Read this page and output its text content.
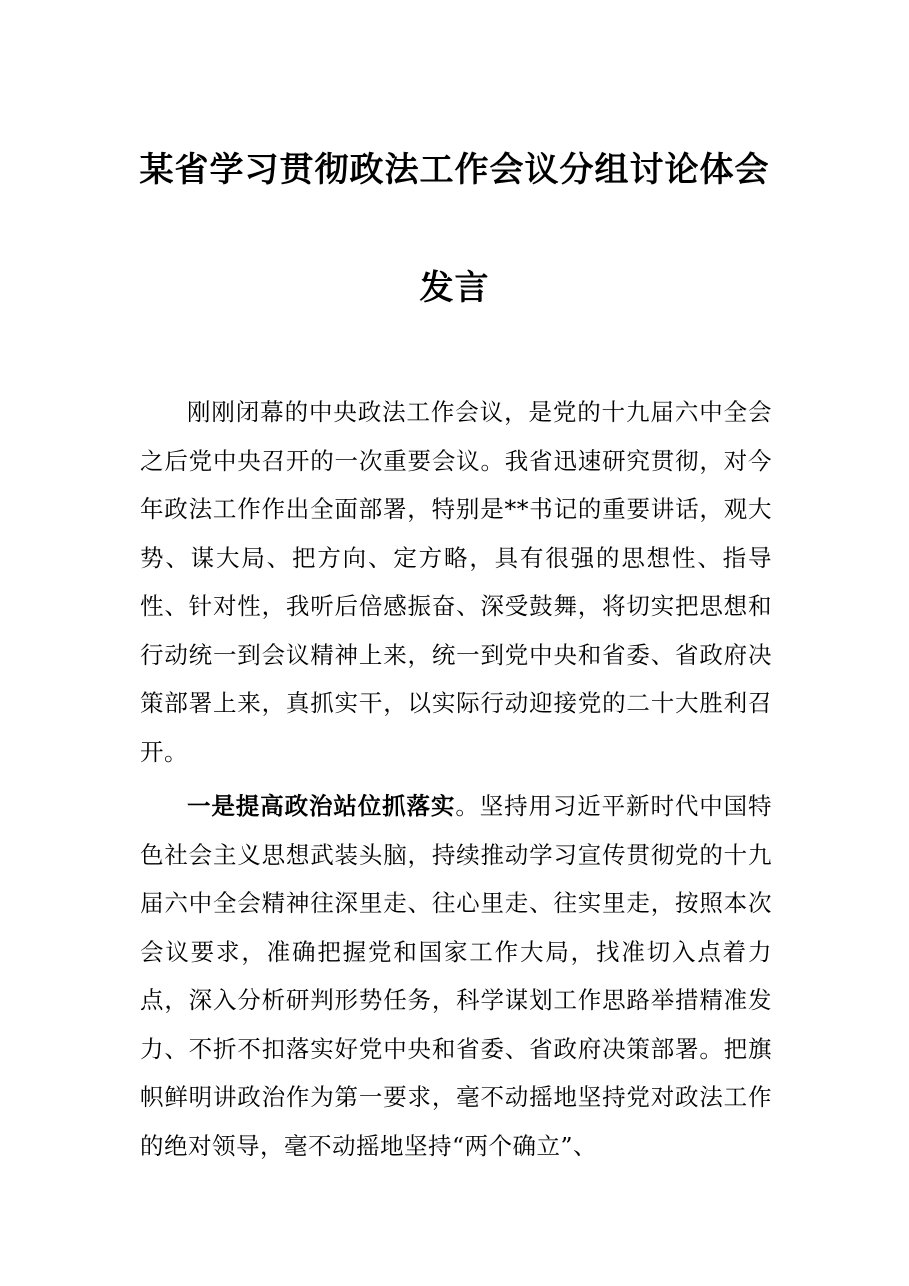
某省学习贯彻政法工作会议分组讨论体会
发言

刚刚闭幕的中央政法工作会议，是党的十九届六中全会之后党中央召开的一次重要会议。我省迅速研究贯彻，对今年政法工作作出全面部署，特别是**书记的重要讲话，观大势、谋大局、把方向、定方略，具有很强的思想性、指导性、针对性，我听后倍感振奋、深受鼓舞，将切实把思想和行动统一到会议精神上来，统一到党中央和省委、省政府决策部署上来，真抓实干，以实际行动迎接党的二十大胜利召开。

一是提高政治站位抓落实。坚持用习近平新时代中国特色社会主义思想武装头脑，持续推动学习宣传贯彻党的十九届六中全会精神往深里走、往心里走、往实里走，按照本次会议要求，准确把握党和国家工作大局，找准切入点着力点，深入分析研判形势任务，科学谋划工作思路举措精准发力、不折不扣落实好党中央和省委、省政府决策部署。把旗帜鲜明讲政治作为第一要求，毫不动摇地坚持党对政法工作的绝对领导，毫不动摇地坚持“两个确立”、
